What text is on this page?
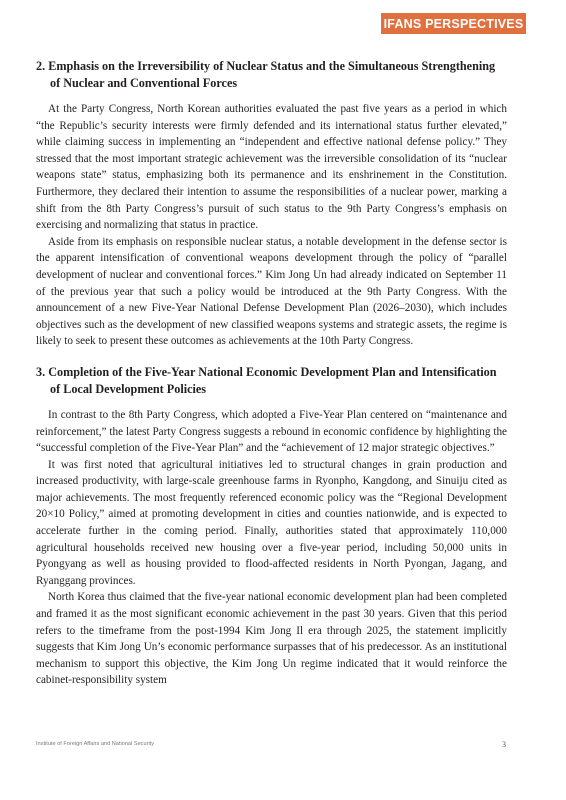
IFANS PERSPECTIVES
2. Emphasis on the Irreversibility of Nuclear Status and the Simultaneous Strengthening of Nuclear and Conventional Forces

At the Party Congress, North Korean authorities evaluated the past five years as a period in which “the Republic’s security interests were firmly defended and its international status further elevated,” while claiming success in implementing an “independent and effective national defense policy.” They stressed that the most important strategic achievement was the irreversible consolidation of its “nuclear weapons state” status, emphasizing both its permanence and its enshrinement in the Constitution. Furthermore, they declared their intention to assume the responsibilities of a nuclear power, marking a shift from the 8th Party Congress’s pursuit of such status to the 9th Party Congress’s emphasis on exercising and normalizing that status in practice.

Aside from its emphasis on responsible nuclear status, a notable development in the defense sector is the apparent intensification of conventional weapons development through the policy of “parallel development of nuclear and conventional forces.” Kim Jong Un had already indicated on September 11 of the previous year that such a policy would be introduced at the 9th Party Congress. With the announcement of a new Five-Year National Defense Development Plan (2026–2030), which includes objectives such as the development of new classified weapons systems and strategic assets, the regime is likely to seek to present these outcomes as achievements at the 10th Party Congress.

3. Completion of the Five-Year National Economic Development Plan and Intensification of Local Development Policies

In contrast to the 8th Party Congress, which adopted a Five-Year Plan centered on “maintenance and reinforcement,” the latest Party Congress suggests a rebound in economic confidence by highlighting the “successful completion of the Five-Year Plan” and the “achievement of 12 major strategic objectives.”

It was first noted that agricultural initiatives led to structural changes in grain production and increased productivity, with large-scale greenhouse farms in Ryonpho, Kangdong, and Sinuiju cited as major achievements. The most frequently referenced economic policy was the “Regional Development 20×10 Policy,” aimed at promoting development in cities and counties nationwide, and is expected to accelerate further in the coming period. Finally, authorities stated that approximately 110,000 agricultural households received new housing over a five-year period, including 50,000 units in Pyongyang as well as housing provided to flood-affected residents in North Pyongan, Jagang, and Ryanggang provinces.

North Korea thus claimed that the five-year national economic development plan had been completed and framed it as the most significant economic achievement in the past 30 years. Given that this period refers to the timeframe from the post-1994 Kim Jong Il era through 2025, the statement implicitly suggests that Kim Jong Un’s economic performance surpasses that of his predecessor. As an institutional mechanism to support this objective, the Kim Jong Un regime indicated that it would reinforce the cabinet-responsibility system

Institute of Foreign Affairs and National Security	3
